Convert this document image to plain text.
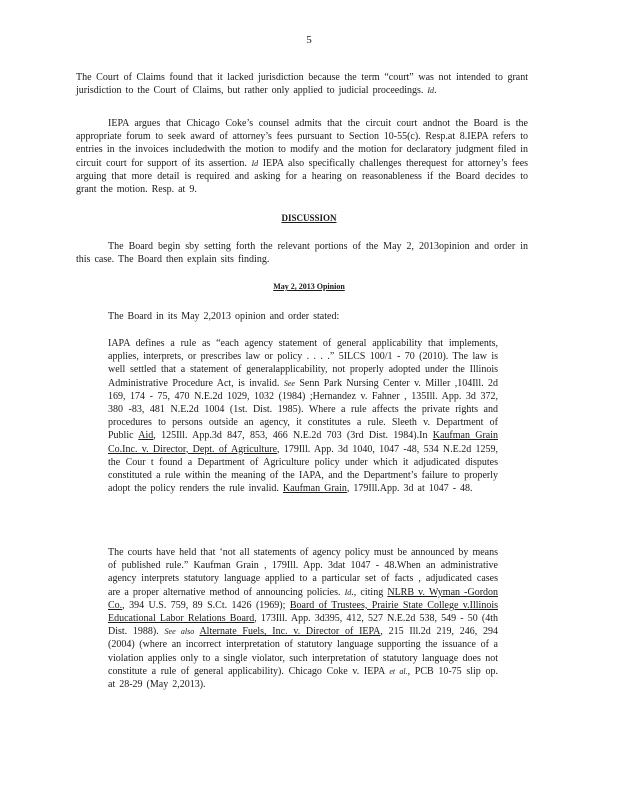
5

The Court of Claims found that it lacked jurisdiction because the term “court” was not intended to grant jurisdiction to the Court of Claims, but rather only applied to judicial proceedings. Id.

IEPA argues that Chicago Coke’s counsel admits that the circuit court andnot the Board is the appropriate forum to seek award of attorney’s fees pursuant to Section 10-55(c). Resp.at 8.IEPA refers to entries in the invoices includedwith the motion to modify and the motion for declaratory judgment filed in circuit court for support of its assertion. Id IEPA also specifically challenges therequest for attorney’s fees arguing that more detail is required and asking for a hearing on reasonableness if the Board decides to grant the motion. Resp. at 9.

DISCUSSION

The Board begin sby setting forth the relevant portions of the May 2, 2013opinion and order in this case. The Board then explain sits finding.

May 2, 2013 Opinion

The Board in its May 2,2013 opinion and order stated:

IAPA defines a rule as “each agency statement of general applicability that implements, applies, interprets, or prescribes law or policy . . . .” 5ILCS 100/1 - 70 (2010). The law is well settled that a statement of generalapplicability, not properly adopted under the Illinois Administrative Procedure Act, is invalid. See Senn Park Nursing Center v. Miller ,104Ill. 2d 169, 174 - 75, 470 N.E.2d 1029, 1032 (1984) ;Hernandez v. Fahner , 135Ill. App. 3d 372, 380 -83, 481 N.E.2d 1004 (1st. Dist. 1985). Where a rule affects the private rights and procedures to persons outside an agency, it constitutes a rule. Sleeth v. Department of Public Aid, 125Ill. App.3d 847, 853, 466 N.E.2d 703 (3rd Dist. 1984).In Kaufman Grain Co.Inc. v. Director, Dept. of Agriculture, 179Ill. App. 3d 1040, 1047 -48, 534 N.E.2d 1259, the Cour t found a Department of Agriculture policy under which it adjudicated disputes constituted a rule within the meaning of the IAPA, and the Department’s failure to properly adopt the policy renders the rule invalid. Kaufman Grain, 179Ill.App. 3d at 1047 - 48.

The courts have held that ‘not all statements of agency policy must be announced by means of published rule.” Kaufman Grain , 179Ill. App. 3dat 1047 - 48.When an administrative agency interprets statutory language applied to a particular set of facts , adjudicated cases are a proper alternative method of announcing policies. Id., citing NLRB v. Wyman -Gordon Co., 394 U.S. 759, 89 S.Ct. 1426 (1969); Board of Trustees, Prairie State College v.Illinois Educational Labor Relations Board, 173Ill. App. 3d395, 412, 527 N.E.2d 538, 549 - 50 (4th Dist. 1988). See also Alternate Fuels, Inc. v. Director of IEPA, 215 Ill.2d 219, 246, 294 (2004) (where an incorrect interpretation of statutory language supporting the issuance of a violation applies only to a single violator, such interpretation of statutory language does not constitute a rule of general applicability). Chicago Coke v. IEPA et al., PCB 10-75 slip op. at 28-29 (May 2,2013).
